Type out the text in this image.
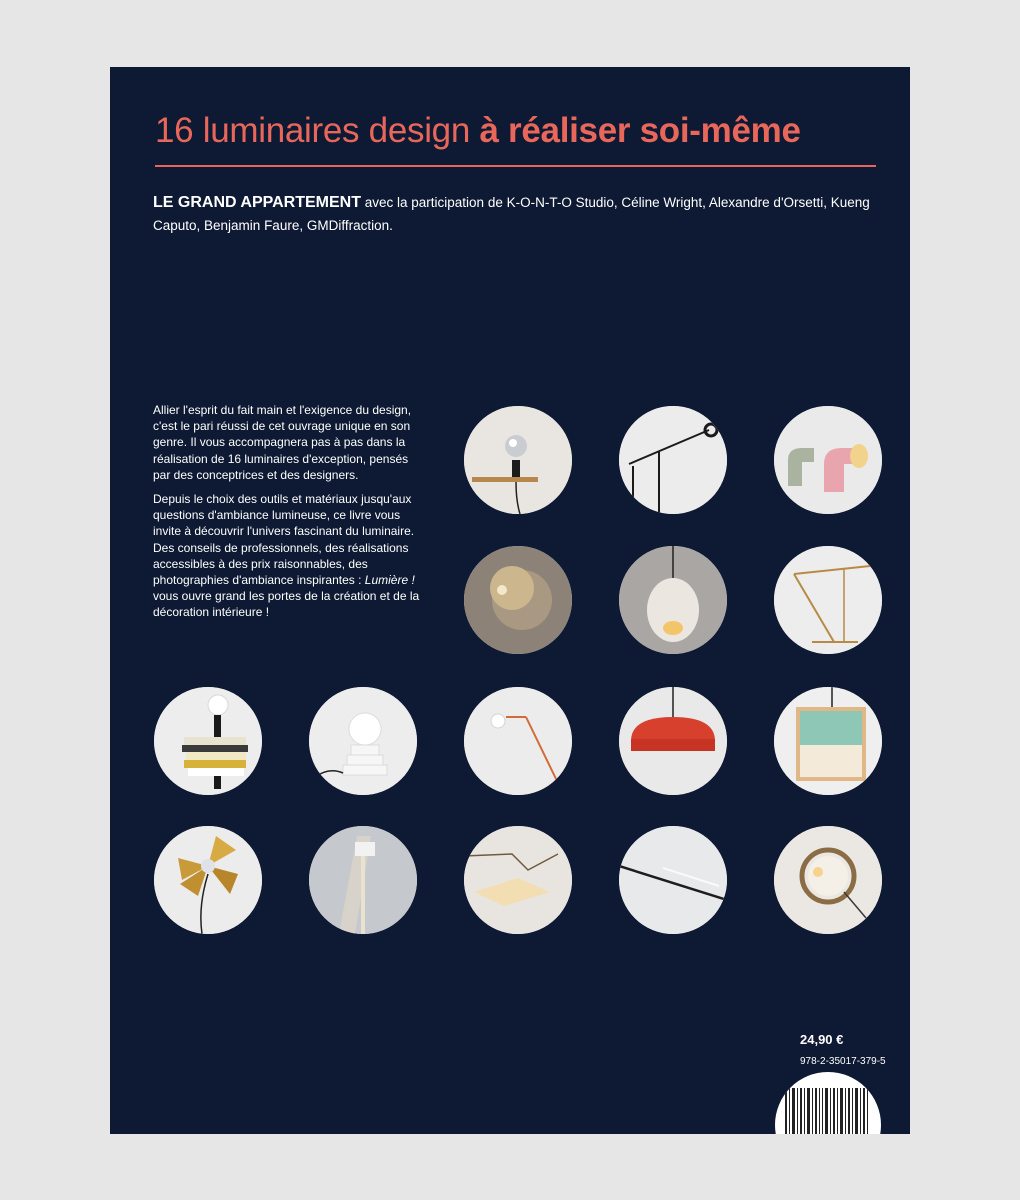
16 luminaires design à réaliser soi-même
LE GRAND APPARTEMENT avec la participation de K-O-N-T-O Studio, Céline Wright, Alexandre d'Orsetti, Kueng Caputo, Benjamin Faure, GMDiffraction.

Allier l'esprit du fait main et l'exigence du design, c'est le pari réussi de cet ouvrage unique en son genre. Il vous accompagnera pas à pas dans la réalisation de 16 luminaires d'exception, pensés par des conceptrices et des designers.

Depuis le choix des outils et matériaux jusqu'aux questions d'ambiance lumineuse, ce livre vous invite à découvrir l'univers fascinant du luminaire. Des conseils de professionnels, des réalisations accessibles à des prix raisonnables, des photographies d'ambiance inspirantes : Lumière ! vous ouvre grand les portes de la création et de la décoration intérieure !

24,90 €
978-2-35017-379-5
